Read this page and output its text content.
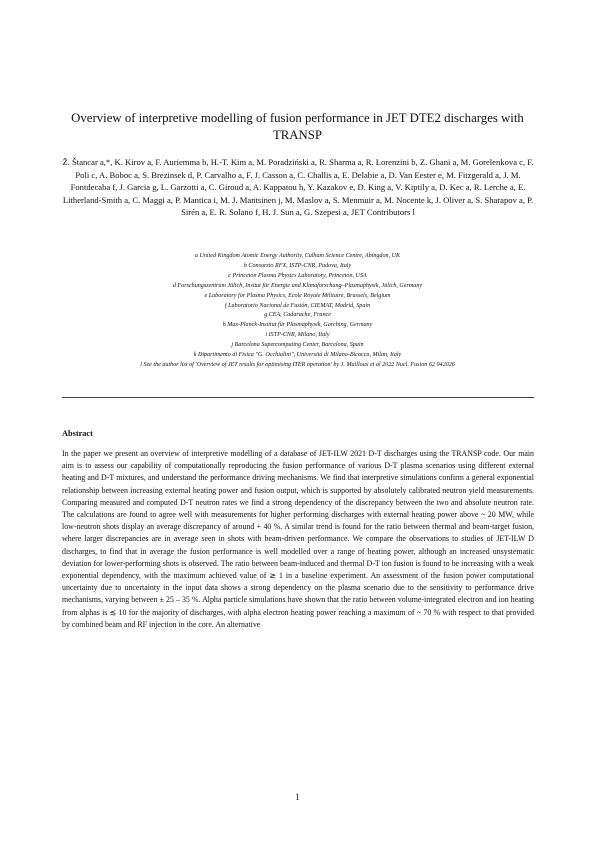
Overview of interpretive modelling of fusion performance in JET DTE2 discharges with TRANSP
Ž. Štancar a,*, K. Kirov a, F. Auriemma b, H.-T. Kim a, M. Poradziński a, R. Sharma a, R. Lorenzini b, Z. Ghani a, M. Gorelenkova c, F. Poli c, A. Boboc a, S. Brezinsek d, P. Carvalho a, F. J. Casson a, C. Challis a, E. Delabie a, D. Van Eester e, M. Fitzgerald a, J. M. Fontdecaba f, J. Garcia g, L. Garzotti a, C. Giroud a, A. Kappatou h, Y. Kazakov e, D. King a, V. Kiptily a, D. Kec a, R. Lerche a, E. Litherland-Smith a, C. Maggi a, P. Mantica i, M. J. Mantsinen j, M. Maslov a, S. Menmuir a, M. Nocente k, J. Oliver a, S. Sharapov a, P. Sirén a, E. R. Solano f, H. J. Sun a, G. Szepesi a, JET Contributors l
a United Kingdom Atomic Energy Authority, Culham Science Centre, Abingdon, UK
b Consorzio RFX, ISTP-CNR, Padova, Italy
c Princeton Plasma Physics Laboratory, Princeton, USA
d Forschungszentrum Jülich, Insitut für Energie und Klimaforschung–Plasmaphysik, Jülich, Germany
e Laboratory for Plasma Physics, Ecole Royale Militaire, Brussels, Belgium
f Laboratorio Nacional de Fusión, CIEMAT, Madrid, Spain
g CEA, Cadarache, France
h Max-Planck-Institut für Plasmaphysik, Garching, Germany
i ISTP-CNR, Milano, Italy
j Barcelona Supercomputing Center, Barcelona, Spain
k Dipartimento di Fisica "G. Occhialini", Università di Milano-Bicocca, Milan, Italy
l See the author list of 'Overview of JET results for optimising ITER operation' by J. Mailloux et al 2022 Nucl. Fusion 62 042026
Abstract
In the paper we present an overview of interpretive modelling of a database of JET-ILW 2021 D-T discharges using the TRANSP code. Our main aim is to assess our capability of computationally reproducing the fusion performance of various D-T plasma scenarios using different external heating and D-T mixtures, and understand the performance driving mechanisms. We find that interpretive simulations confirm a general exponential relationship between increasing external heating power and fusion output, which is supported by absolutely calibrated neutron yield measurements. Comparing measured and computed D-T neutron rates we find a strong dependency of the discrepancy between the two and absolute neutron rate. The calculations are found to agree well with measurements for higher performing discharges with external heating power above ~ 20 MW, while low-neutron shots display an average discrepancy of around + 40 %. A similar trend is found for the ratio between thermal and beam-target fusion, where larger discrepancies are in average seen in shots with beam-driven performance. We compare the observations to studies of JET-ILW D discharges, to find that in average the fusion performance is well modelled over a range of heating power, although an increased unsystematic deviation for lower-performing shots is observed. The ratio between beam-induced and thermal D-T ion fusion is found to be increasing with a weak exponential dependency, with the maximum achieved value of ≳ 1 in a baseline experiment. An assessment of the fusion power computational uncertainty due to uncertainty in the input data shows a strong dependency on the plasma scenario due to the sensitivity to performance drive mechanisms, varying between ± 25 – 35 %. Alpha particle simulations have shown that the ratio between volume-integrated electron and ion heating from alphas is ≲ 10 for the majority of discharges, with alpha electron heating power reaching a maximum of ~ 70 % with respect to that provided by combined beam and RF injection in the core. An alternative
1
